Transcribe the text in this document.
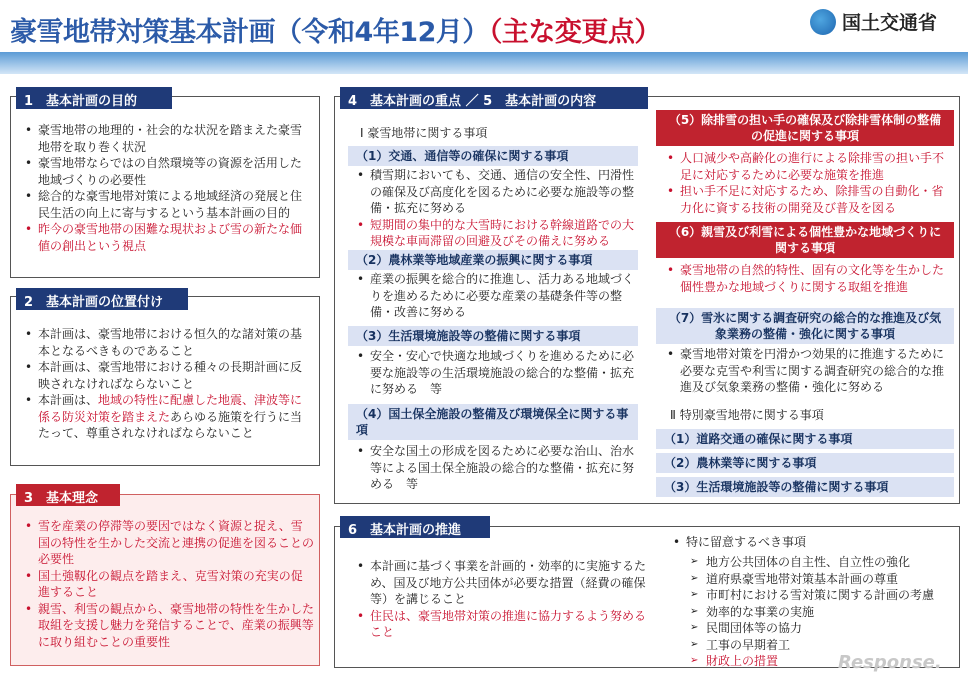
豪雪地帯対策基本計画（令和4年12月）（主な変更点）	国土交通省
1　基本計画の目的
• 豪雪地帯の地理的・社会的な状況を踏まえた豪雪地帯を取り巻く状況
• 豪雪地帯ならではの自然環境等の資源を活用した地域づくりの必要性
• 総合的な豪雪地帯対策による地域経済の発展と住民生活の向上に寄与するという基本計画の目的
• 昨今の豪雪地帯の困難な現状および雪の新たな価値の創出という視点
2　基本計画の位置付け
• 本計画は、豪雪地帯における恒久的な諸対策の基本となるべきものであること
• 本計画は、豪雪地帯における種々の長期計画に反映されなければならないこと
• 本計画は、地域の特性に配慮した地震、津波等に係る防災対策を踏まえたあらゆる施策を行うに当たって、尊重されなければならないこと
3　基本理念
• 雪を産業の停滞等の要因ではなく資源と捉え、雪国の特性を生かした交流と連携の促進を図ることの必要性
• 国土強靱化の観点を踏まえ、克雪対策の充実の促進すること
• 親雪、利雪の観点から、豪雪地帯の特性を生かした取組を支援し魅力を発信することで、産業の振興等に取り組むことの重要性
4　基本計画の重点 ／ 5　基本計画の内容
Ⅰ 豪雪地帯に関する事項
（1）交通、通信等の確保に関する事項
• 積雪期においても、交通、通信の安全性、円滑性の確保及び高度化を図るために必要な施設等の整備・拡充に努める
• 短期間の集中的な大雪時における幹線道路での大規模な車両滞留の回避及びその備えに努める
（2）農林業等地域産業の振興に関する事項
• 産業の振興を総合的に推進し、活力ある地域づくりを進めるために必要な産業の基礎条件等の整備・改善に努める
（3）生活環境施設等の整備に関する事項
• 安全・安心で快適な地域づくりを進めるために必要な施設等の生活環境施設の総合的な整備・拡充に努める　等
（4）国土保全施設の整備及び環境保全に関する事項
• 安全な国土の形成を図るために必要な治山、治水等による国土保全施設の総合的な整備・拡充に努める　等
（5）除排雪の担い手の確保及び除排雪体制の整備の促進に関する事項
• 人口減少や高齢化の進行による除排雪の担い手不足に対応するために必要な施策を推進
• 担い手不足に対応するため、除排雪の自動化・省力化に資する技術の開発及び普及を図る
（6）親雪及び利雪による個性豊かな地域づくりに関する事項
• 豪雪地帯の自然的特性、固有の文化等を生かした個性豊かな地域づくりに関する取組を推進
（7）雪氷に関する調査研究の総合的な推進及び気象業務の整備・強化に関する事項
• 豪雪地帯対策を円滑かつ効果的に推進するために必要な克雪や利雪に関する調査研究の総合的な推進及び気象業務の整備・強化に努める
Ⅱ 特別豪雪地帯に関する事項
（1）道路交通の確保に関する事項
（2）農林業等に関する事項
（3）生活環境施設等の整備に関する事項
6　基本計画の推進
• 本計画に基づく事業を計画的・効率的に実施するため、国及び地方公共団体が必要な措置（経費の確保等）を講じること
• 住民は、豪雪地帯対策の推進に協力するよう努めること
• 特に留意するべき事項
➢ 地方公共団体の自主性、自立性の強化
➢ 道府県豪雪地帯対策基本計画の尊重
➢ 市町村における雪対策に関する計画の考慮
➢ 効率的な事業の実施
➢ 民間団体等の協力
➢ 工事の早期着工
➢ 財政上の措置	Response.
